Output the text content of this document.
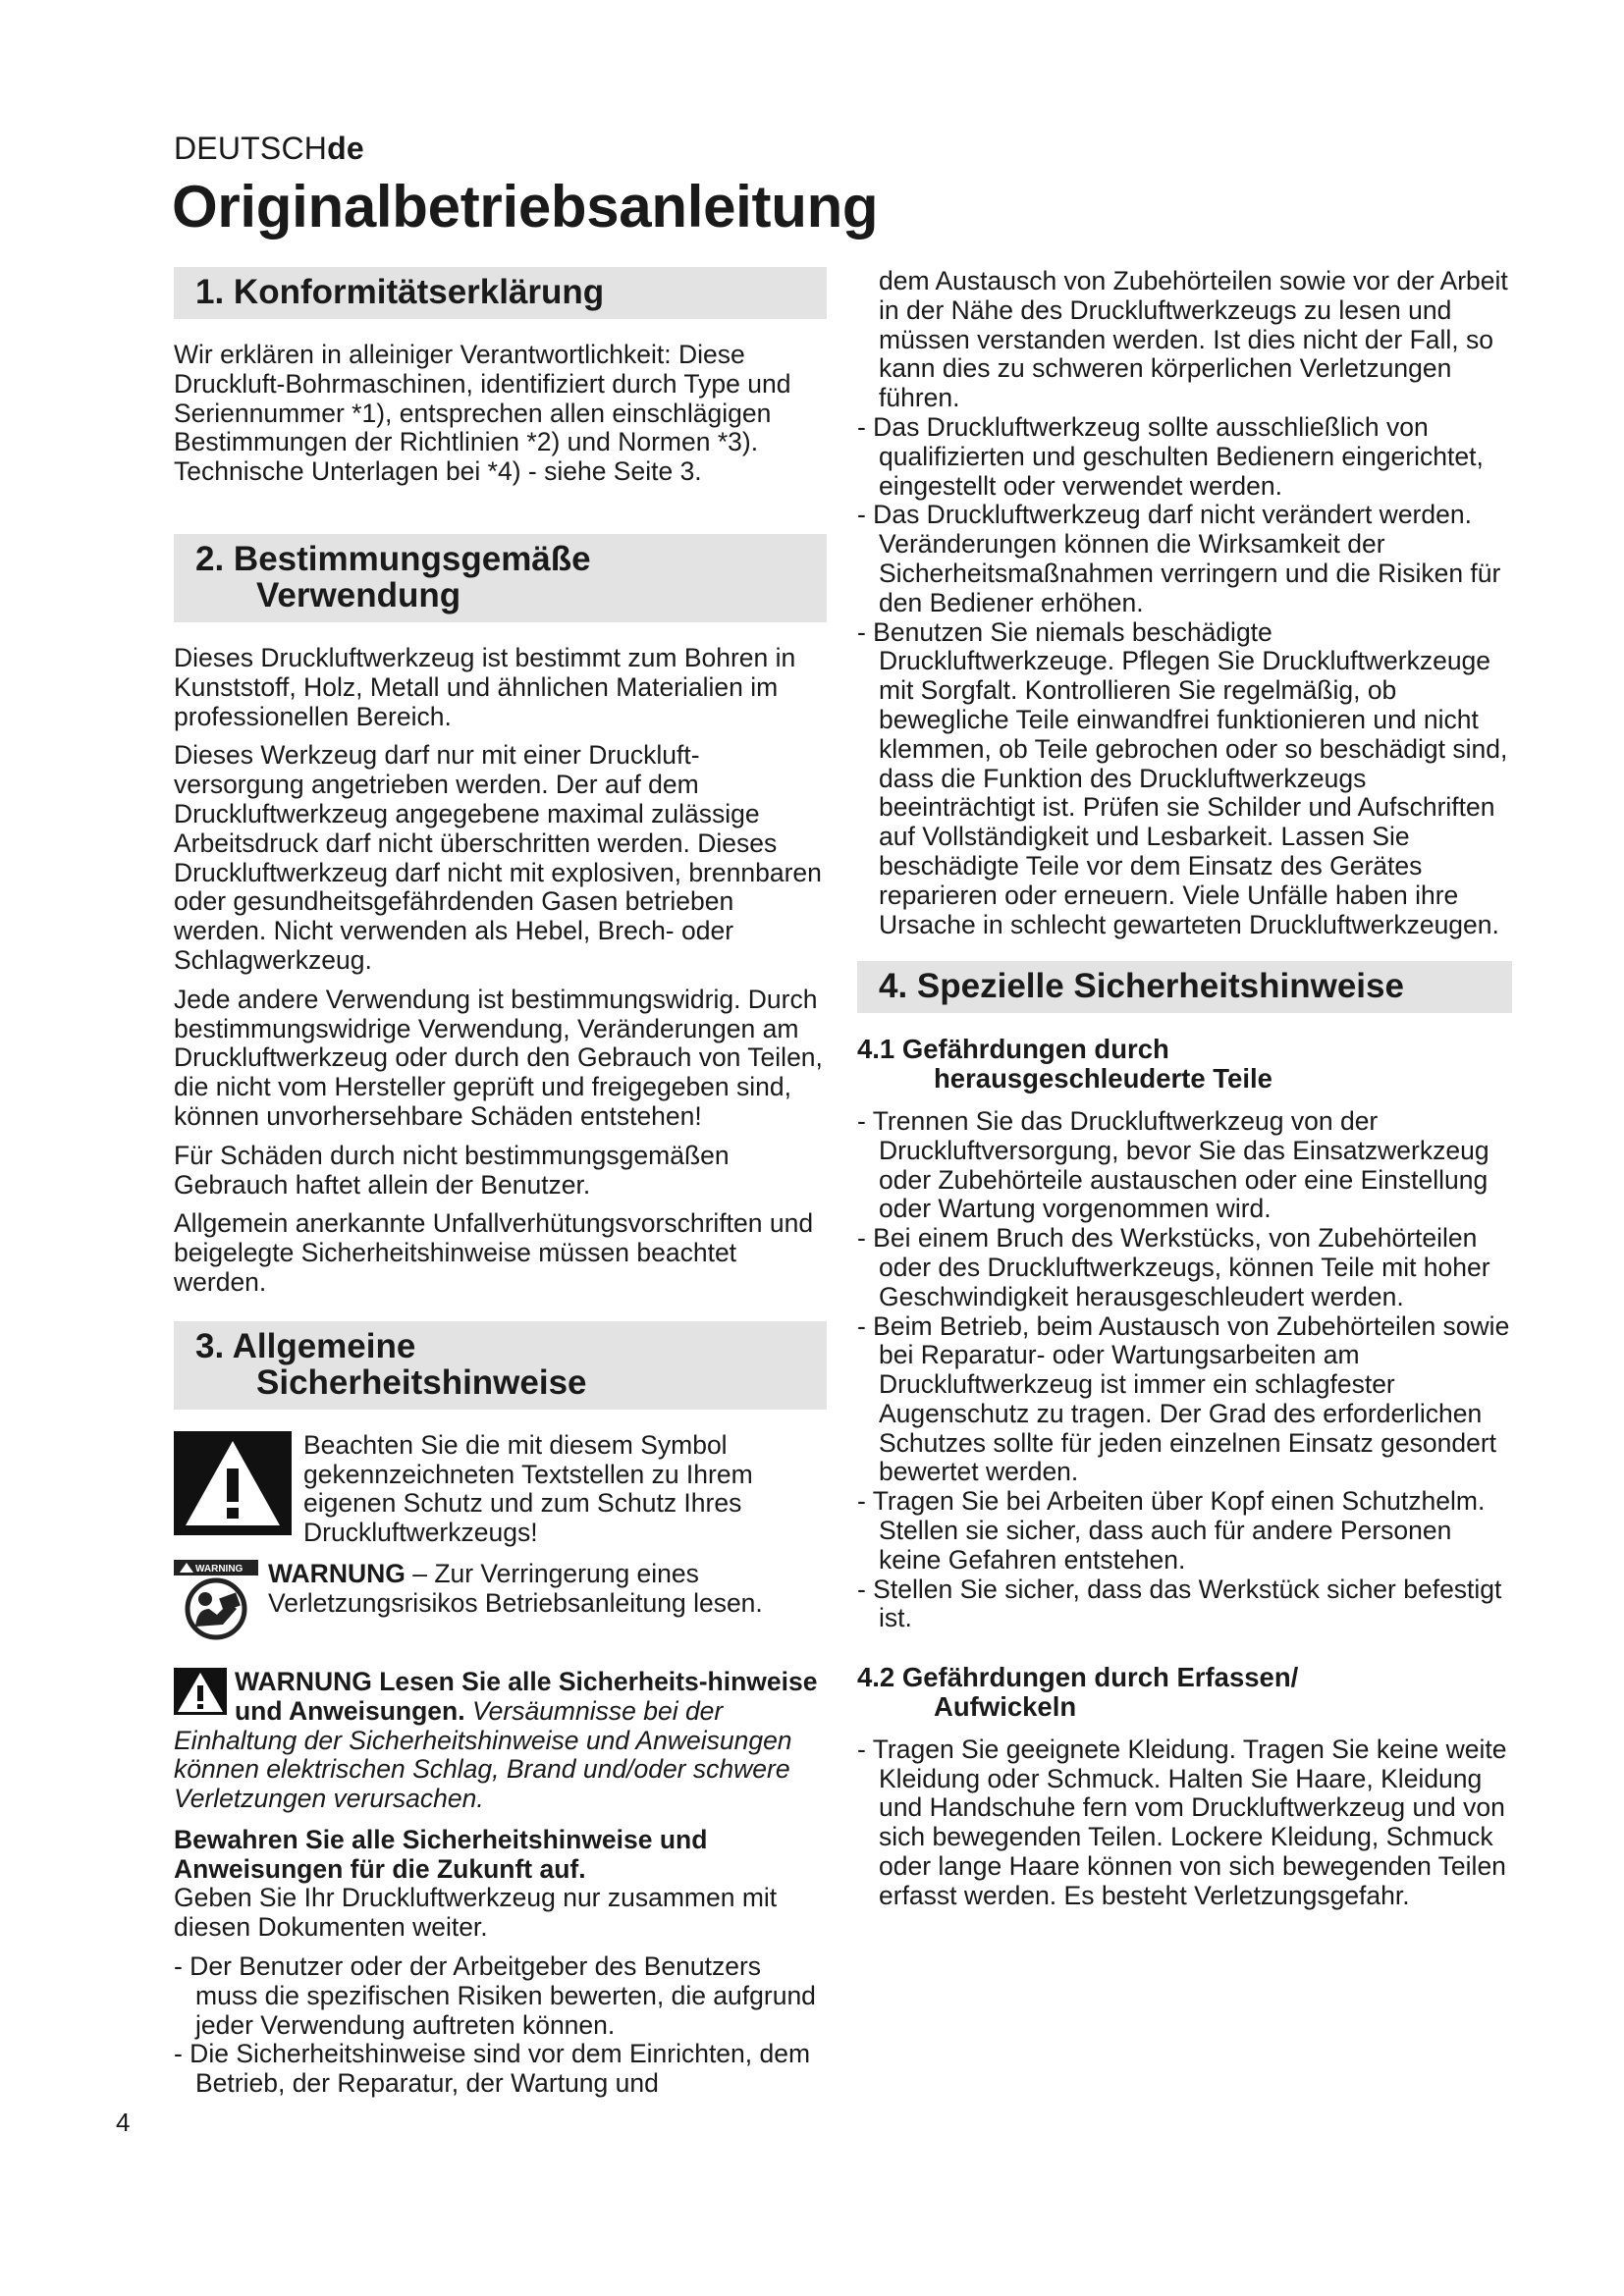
DEUTSCHde
Originalbetriebsanleitung
1. Konformitätserklärung

Wir erklären in alleiniger Verantwortlichkeit: Diese Druckluft-Bohrmaschinen, identifiziert durch Type und Seriennummer *1), entsprechen allen einschlägigen Bestimmungen der Richtlinien *2) und Normen *3). Technische Unterlagen bei *4) - siehe Seite 3.

2. Bestimmungsgemäße
Verwendung

Dieses Druckluftwerkzeug ist bestimmt zum Bohren in Kunststoff, Holz, Metall und ähnlichen Materialien im professionellen Bereich.

Dieses Werkzeug darf nur mit einer Druckluft-versorgung angetrieben werden. Der auf dem Druckluftwerkzeug angegebene maximal zulässige Arbeitsdruck darf nicht überschritten werden. Dieses Druckluftwerkzeug darf nicht mit explosiven, brennbaren oder gesundheitsgefährdenden Gasen betrieben werden. Nicht verwenden als Hebel, Brech- oder Schlagwerkzeug.

Jede andere Verwendung ist bestimmungswidrig. Durch bestimmungswidrige Verwendung, Veränderungen am Druckluftwerkzeug oder durch den Gebrauch von Teilen, die nicht vom Hersteller geprüft und freigegeben sind, können unvorhersehbare Schäden entstehen!

Für Schäden durch nicht bestimmungsgemäßen Gebrauch haftet allein der Benutzer.

Allgemein anerkannte Unfallverhütungsvorschriften und beigelegte Sicherheitshinweise müssen beachtet werden.

3. Allgemeine
Sicherheitshinweise
Beachten Sie die mit diesem Symbol gekennzeichneten Textstellen zu Ihrem eigenen Schutz und zum Schutz Ihres Druckluftwerkzeugs!
WARNING WARNUNG – Zur Verringerung eines Verletzungsrisikos Betriebsanleitung lesen.
WARNUNG Lesen Sie alle Sicherheits-hinweise und Anweisungen. Versäumnisse bei der Einhaltung der Sicherheitshinweise und Anweisungen können elektrischen Schlag, Brand und/oder schwere Verletzungen verursachen.

Bewahren Sie alle Sicherheitshinweise und Anweisungen für die Zukunft auf.

Geben Sie Ihr Druckluftwerkzeug nur zusammen mit diesen Dokumenten weiter.

- Der Benutzer oder der Arbeitgeber des Benutzers muss die spezifischen Risiken bewerten, die aufgrund jeder Verwendung auftreten können.

- Die Sicherheitshinweise sind vor dem Einrichten, dem Betrieb, der Reparatur, der Wartung und

dem Austausch von Zubehörteilen sowie vor der Arbeit in der Nähe des Druckluftwerkzeugs zu lesen und müssen verstanden werden. Ist dies nicht der Fall, so kann dies zu schweren körperlichen Verletzungen führen.

- Das Druckluftwerkzeug sollte ausschließlich von qualifizierten und geschulten Bedienern eingerichtet, eingestellt oder verwendet werden.

- Das Druckluftwerkzeug darf nicht verändert werden. Veränderungen können die Wirksamkeit der Sicherheitsmaßnahmen verringern und die Risiken für den Bediener erhöhen.

- Benutzen Sie niemals beschädigte Druckluftwerkzeuge. Pflegen Sie Druckluftwerkzeuge mit Sorgfalt. Kontrollieren Sie regelmäßig, ob bewegliche Teile einwandfrei funktionieren und nicht klemmen, ob Teile gebrochen oder so beschädigt sind, dass die Funktion des Druckluftwerkzeugs beeinträchtigt ist. Prüfen sie Schilder und Aufschriften auf Vollständigkeit und Lesbarkeit. Lassen Sie beschädigte Teile vor dem Einsatz des Gerätes reparieren oder erneuern. Viele Unfälle haben ihre Ursache in schlecht gewarteten Druckluftwerkzeugen.

4. Spezielle Sicherheitshinweise
4.1 Gefährdungen durch
herausgeschleuderte Teile

- Trennen Sie das Druckluftwerkzeug von der Druckluftversorgung, bevor Sie das Einsatzwerkzeug oder Zubehörteile austauschen oder eine Einstellung oder Wartung vorgenommen wird.

- Bei einem Bruch des Werkstücks, von Zubehörteilen oder des Druckluftwerkzeugs, können Teile mit hoher Geschwindigkeit herausgeschleudert werden.

- Beim Betrieb, beim Austausch von Zubehörteilen sowie bei Reparatur- oder Wartungsarbeiten am Druckluftwerkzeug ist immer ein schlagfester Augenschutz zu tragen. Der Grad des erforderlichen Schutzes sollte für jeden einzelnen Einsatz gesondert bewertet werden.

- Tragen Sie bei Arbeiten über Kopf einen Schutzhelm. Stellen sie sicher, dass auch für andere Personen keine Gefahren entstehen.

- Stellen Sie sicher, dass das Werkstück sicher befestigt ist.

4.2 Gefährdungen durch Erfassen/
Aufwickeln

- Tragen Sie geeignete Kleidung. Tragen Sie keine weite Kleidung oder Schmuck. Halten Sie Haare, Kleidung und Handschuhe fern vom Druckluftwerkzeug und von sich bewegenden Teilen. Lockere Kleidung, Schmuck oder lange Haare können von sich bewegenden Teilen erfasst werden. Es besteht Verletzungsgefahr.

4
